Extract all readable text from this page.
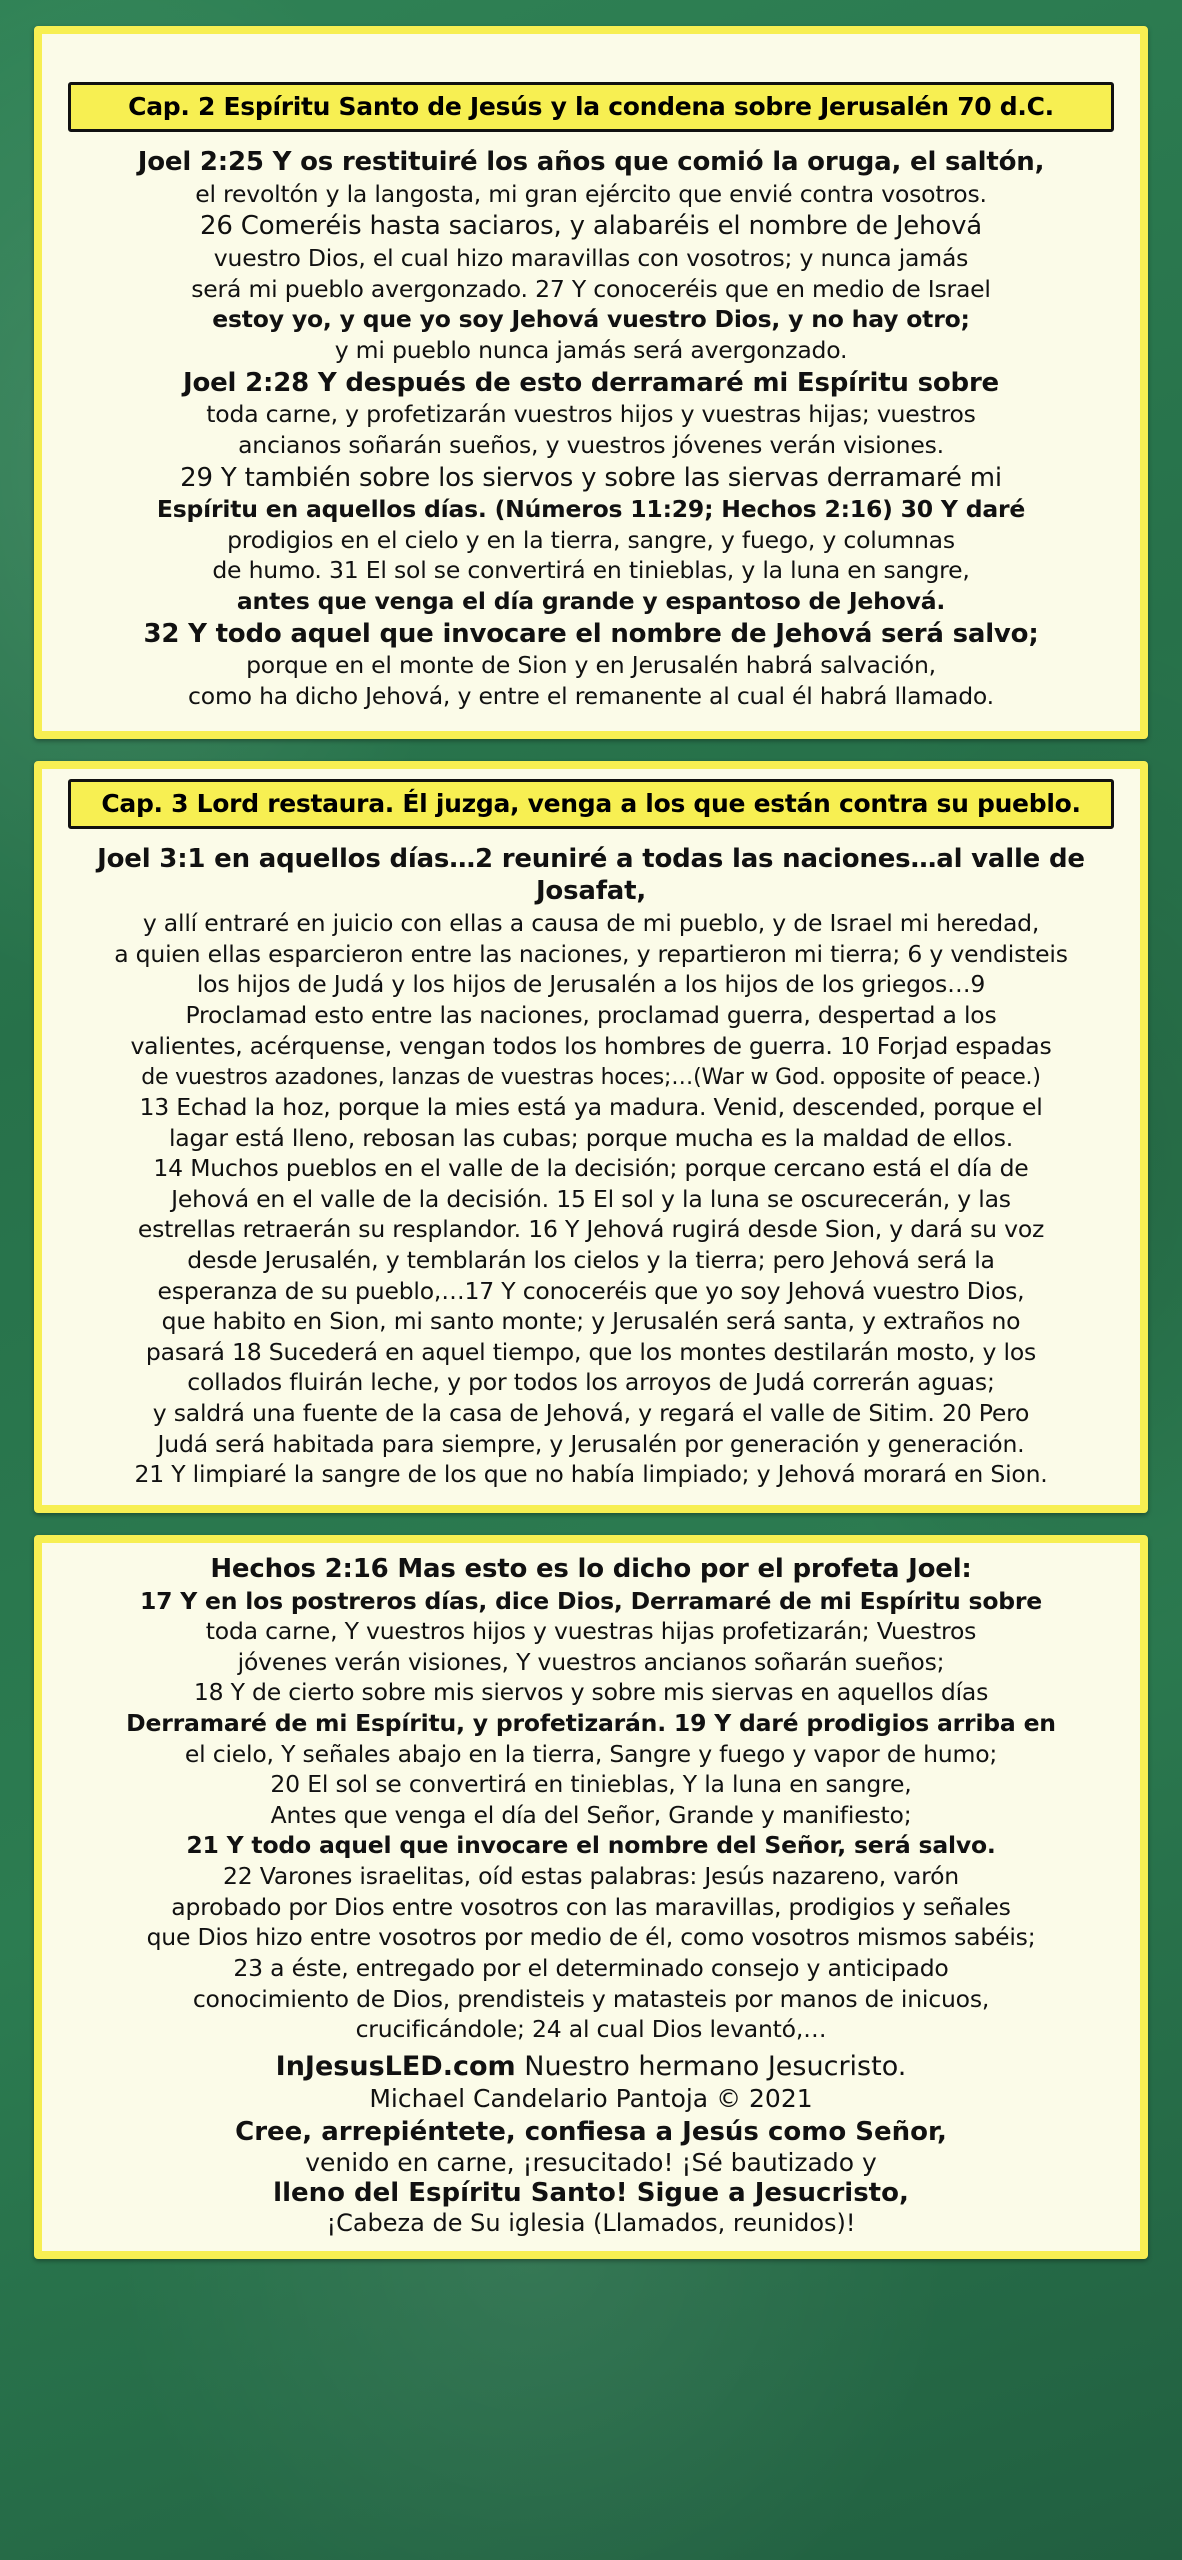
Cap. 2 Espíritu Santo de Jesús y la condena sobre Jerusalén 70 d.C.

Joel 2:25 Y os restituiré los años que comió la oruga, el saltón,

el revoltón y la langosta, mi gran ejército que envié contra vosotros.

26 Comeréis hasta saciaros, y alabaréis el nombre de Jehová

vuestro Dios, el cual hizo maravillas con vosotros; y nunca jamás

será mi pueblo avergonzado. 27 Y conoceréis que en medio de Israel

estoy yo, y que yo soy Jehová vuestro Dios, y no hay otro;

y mi pueblo nunca jamás será avergonzado.

Joel 2:28 Y después de esto derramaré mi Espíritu sobre

toda carne, y profetizarán vuestros hijos y vuestras hijas; vuestros

ancianos soñarán sueños, y vuestros jóvenes verán visiones.

29 Y también sobre los siervos y sobre las siervas derramaré mi

Espíritu en aquellos días. (Números 11:29; Hechos 2:16) 30 Y daré

prodigios en el cielo y en la tierra, sangre, y fuego, y columnas

de humo. 31 El sol se convertirá en tinieblas, y la luna en sangre,

antes que venga el día grande y espantoso de Jehová.

32 Y todo aquel que invocare el nombre de Jehová será salvo;

porque en el monte de Sion y en Jerusalén habrá salvación,

como ha dicho Jehová, y entre el remanente al cual él habrá llamado.

Cap. 3 Lord restaura. Él juzga, venga a los que están contra su pueblo.

Joel 3:1 en aquellos días…2 reuniré a todas las naciones…al valle de Josafat,

y allí entraré en juicio con ellas a causa de mi pueblo, y de Israel mi heredad,

a quien ellas esparcieron entre las naciones, y repartieron mi tierra; 6 y vendisteis

los hijos de Judá y los hijos de Jerusalén a los hijos de los griegos…9

Proclamad esto entre las naciones, proclamad guerra, despertad a los

valientes, acérquense, vengan todos los hombres de guerra. 10 Forjad espadas

de vuestros azadones, lanzas de vuestras hoces;…(War w God. opposite of peace.)

13 Echad la hoz, porque la mies está ya madura. Venid, descended, porque el

lagar está lleno, rebosan las cubas; porque mucha es la maldad de ellos.

14 Muchos pueblos en el valle de la decisión; porque cercano está el día de

Jehová en el valle de la decisión. 15 El sol y la luna se oscurecerán, y las

estrellas retraerán su resplandor. 16 Y Jehová rugirá desde Sion, y dará su voz

desde Jerusalén, y temblarán los cielos y la tierra; pero Jehová será la

esperanza de su pueblo,…17 Y conoceréis que yo soy Jehová vuestro Dios,

que habito en Sion, mi santo monte; y Jerusalén será santa, y extraños no

pasará 18 Sucederá en aquel tiempo, que los montes destilarán mosto, y los

collados fluirán leche, y por todos los arroyos de Judá correrán aguas;

y saldrá una fuente de la casa de Jehová, y regará el valle de Sitim. 20 Pero

Judá será habitada para siempre, y Jerusalén por generación y generación.

21 Y limpiaré la sangre de los que no había limpiado; y Jehová morará en Sion.

Hechos 2:16 Mas esto es lo dicho por el profeta Joel:

17 Y en los postreros días, dice Dios, Derramaré de mi Espíritu sobre

toda carne, Y vuestros hijos y vuestras hijas profetizarán; Vuestros

jóvenes verán visiones, Y vuestros ancianos soñarán sueños;

18 Y de cierto sobre mis siervos y sobre mis siervas en aquellos días

Derramaré de mi Espíritu, y profetizarán. 19 Y daré prodigios arriba en

el cielo, Y señales abajo en la tierra, Sangre y fuego y vapor de humo;

20 El sol se convertirá en tinieblas, Y la luna en sangre,

Antes que venga el día del Señor, Grande y manifiesto;

21 Y todo aquel que invocare el nombre del Señor, será salvo.

22 Varones israelitas, oíd estas palabras: Jesús nazareno, varón

aprobado por Dios entre vosotros con las maravillas, prodigios y señales

que Dios hizo entre vosotros por medio de él, como vosotros mismos sabéis;

23 a éste, entregado por el determinado consejo y anticipado

conocimiento de Dios, prendisteis y matasteis por manos de inicuos,

crucificándole; 24 al cual Dios levantó,…

InJesusLED.com Nuestro hermano Jesucristo.
Michael Candelario Pantoja © 2021
Cree, arrepiéntete, confiesa a Jesús como Señor,
venido en carne, ¡resucitado! ¡Sé bautizado y
lleno del Espíritu Santo! Sigue a Jesucristo,
¡Cabeza de Su iglesia (Llamados, reunidos)!
